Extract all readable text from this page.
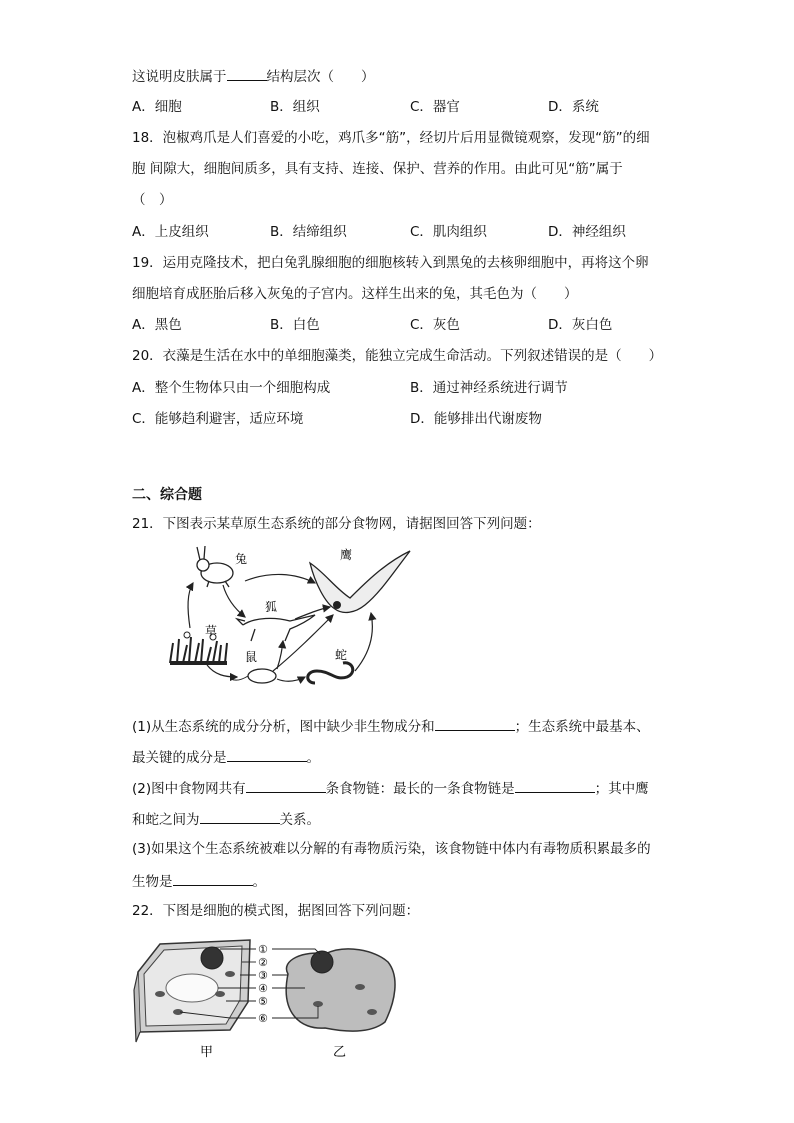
这说明皮肤属于	结构层次（　　）
A．细胞	B．组织	C．器官	D．系统
18．泡椒鸡爪是人们喜爱的小吃，鸡爪多“筋”，经切片后用显微镜观察，发现“筋”的细
胞 间隙大，细胞间质多，具有支持、连接、保护、营养的作用。由此可见“筋”属于
（　）
A．上皮组织	B．结缔组织	C．肌肉组织	D．神经组织
19．运用克隆技术，把白兔乳腺细胞的细胞核转入到黑兔的去核卵细胞中，再将这个卵
细胞培育成胚胎后移入灰兔的子宫内。这样生出来的兔，其毛色为（　　）
A．黑色	B．白色	C．灰色	D．灰白色
20．衣藻是生活在水中的单细胞藻类，能独立完成生命活动。下列叙述错误的是（　　）
A．整个生物体只由一个细胞构成	B．通过神经系统进行调节
C．能够趋利避害，适应环境	D．能够排出代谢废物
二、综合题
21．下图表示某草原生态系统的部分食物网，请据图回答下列问题：
兔	鹰
狐
草
鼠	蛇
(1)从生态系统的成分分析，图中缺少非生物成分和	；生态系统中最基本、
最关键的成分是	。
(2)图中食物网共有	条食物链：最长的一条食物链是	；其中鹰
和蛇之间为	关系。
(3)如果这个生态系统被难以分解的有毒物质污染，该食物链中体内有毒物质积累最多的
生物是	。
22．下图是细胞的模式图，据图回答下列问题：
①
②
③
④
⑤
⑥
甲	乙
